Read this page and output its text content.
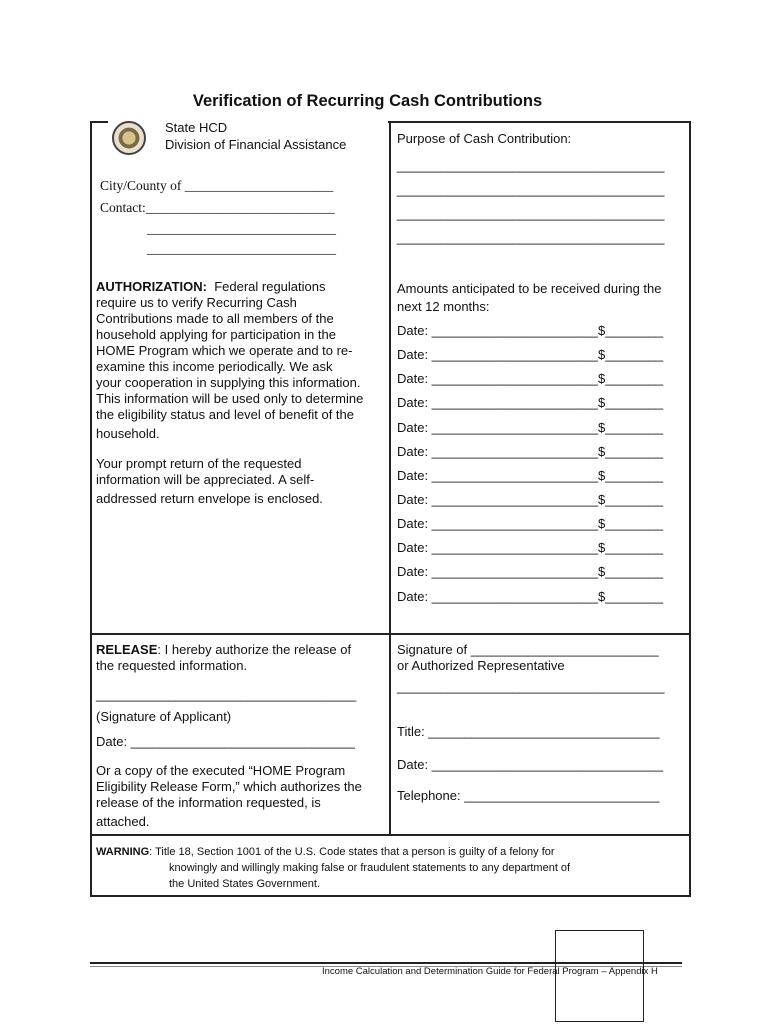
Verification of Recurring Cash Contributions
State HCD
Division of Financial Assistance
City/County of ______________________
Contact:____________________________
____________________________
____________________________
Purpose of Cash Contribution:
_____________________________________
_____________________________________
_____________________________________
_____________________________________
AUTHORIZATION: Federal regulations
require us to verify Recurring Cash
Contributions made to all members of the
household applying for participation in the
HOME Program which we operate and to re-
examine this income periodically. We ask
your cooperation in supplying this information.
This information will be used only to determine
the eligibility status and level of benefit of the
household.
Your prompt return of the requested
information will be appreciated. A self-
addressed return envelope is enclosed.
Amounts anticipated to be received during the
next 12 months:
Date: _______________________$________
Date: _______________________$________
Date: _______________________$________
Date: _______________________$________
Date: _______________________$________
Date: _______________________$________
Date: _______________________$________
Date: _______________________$________
Date: _______________________$________
Date: _______________________$________
Date: _______________________$________
Date: _______________________$________
RELEASE: I hereby authorize the release of
the requested information.
____________________________________
(Signature of Applicant)
Date: _______________________________
Or a copy of the executed “HOME Program
Eligibility Release Form,” which authorizes the
release of the information requested, is
attached.
Signature of __________________________
or Authorized Representative
_____________________________________
Title: ________________________________
Date: ________________________________
Telephone: ___________________________
WARNING: Title 18, Section 1001 of the U.S. Code states that a person is guilty of a felony for
knowingly and willingly making false or fraudulent statements to any department of
the United States Government.
Income Calculation and Determination Guide for Federal Program – Appendix H
